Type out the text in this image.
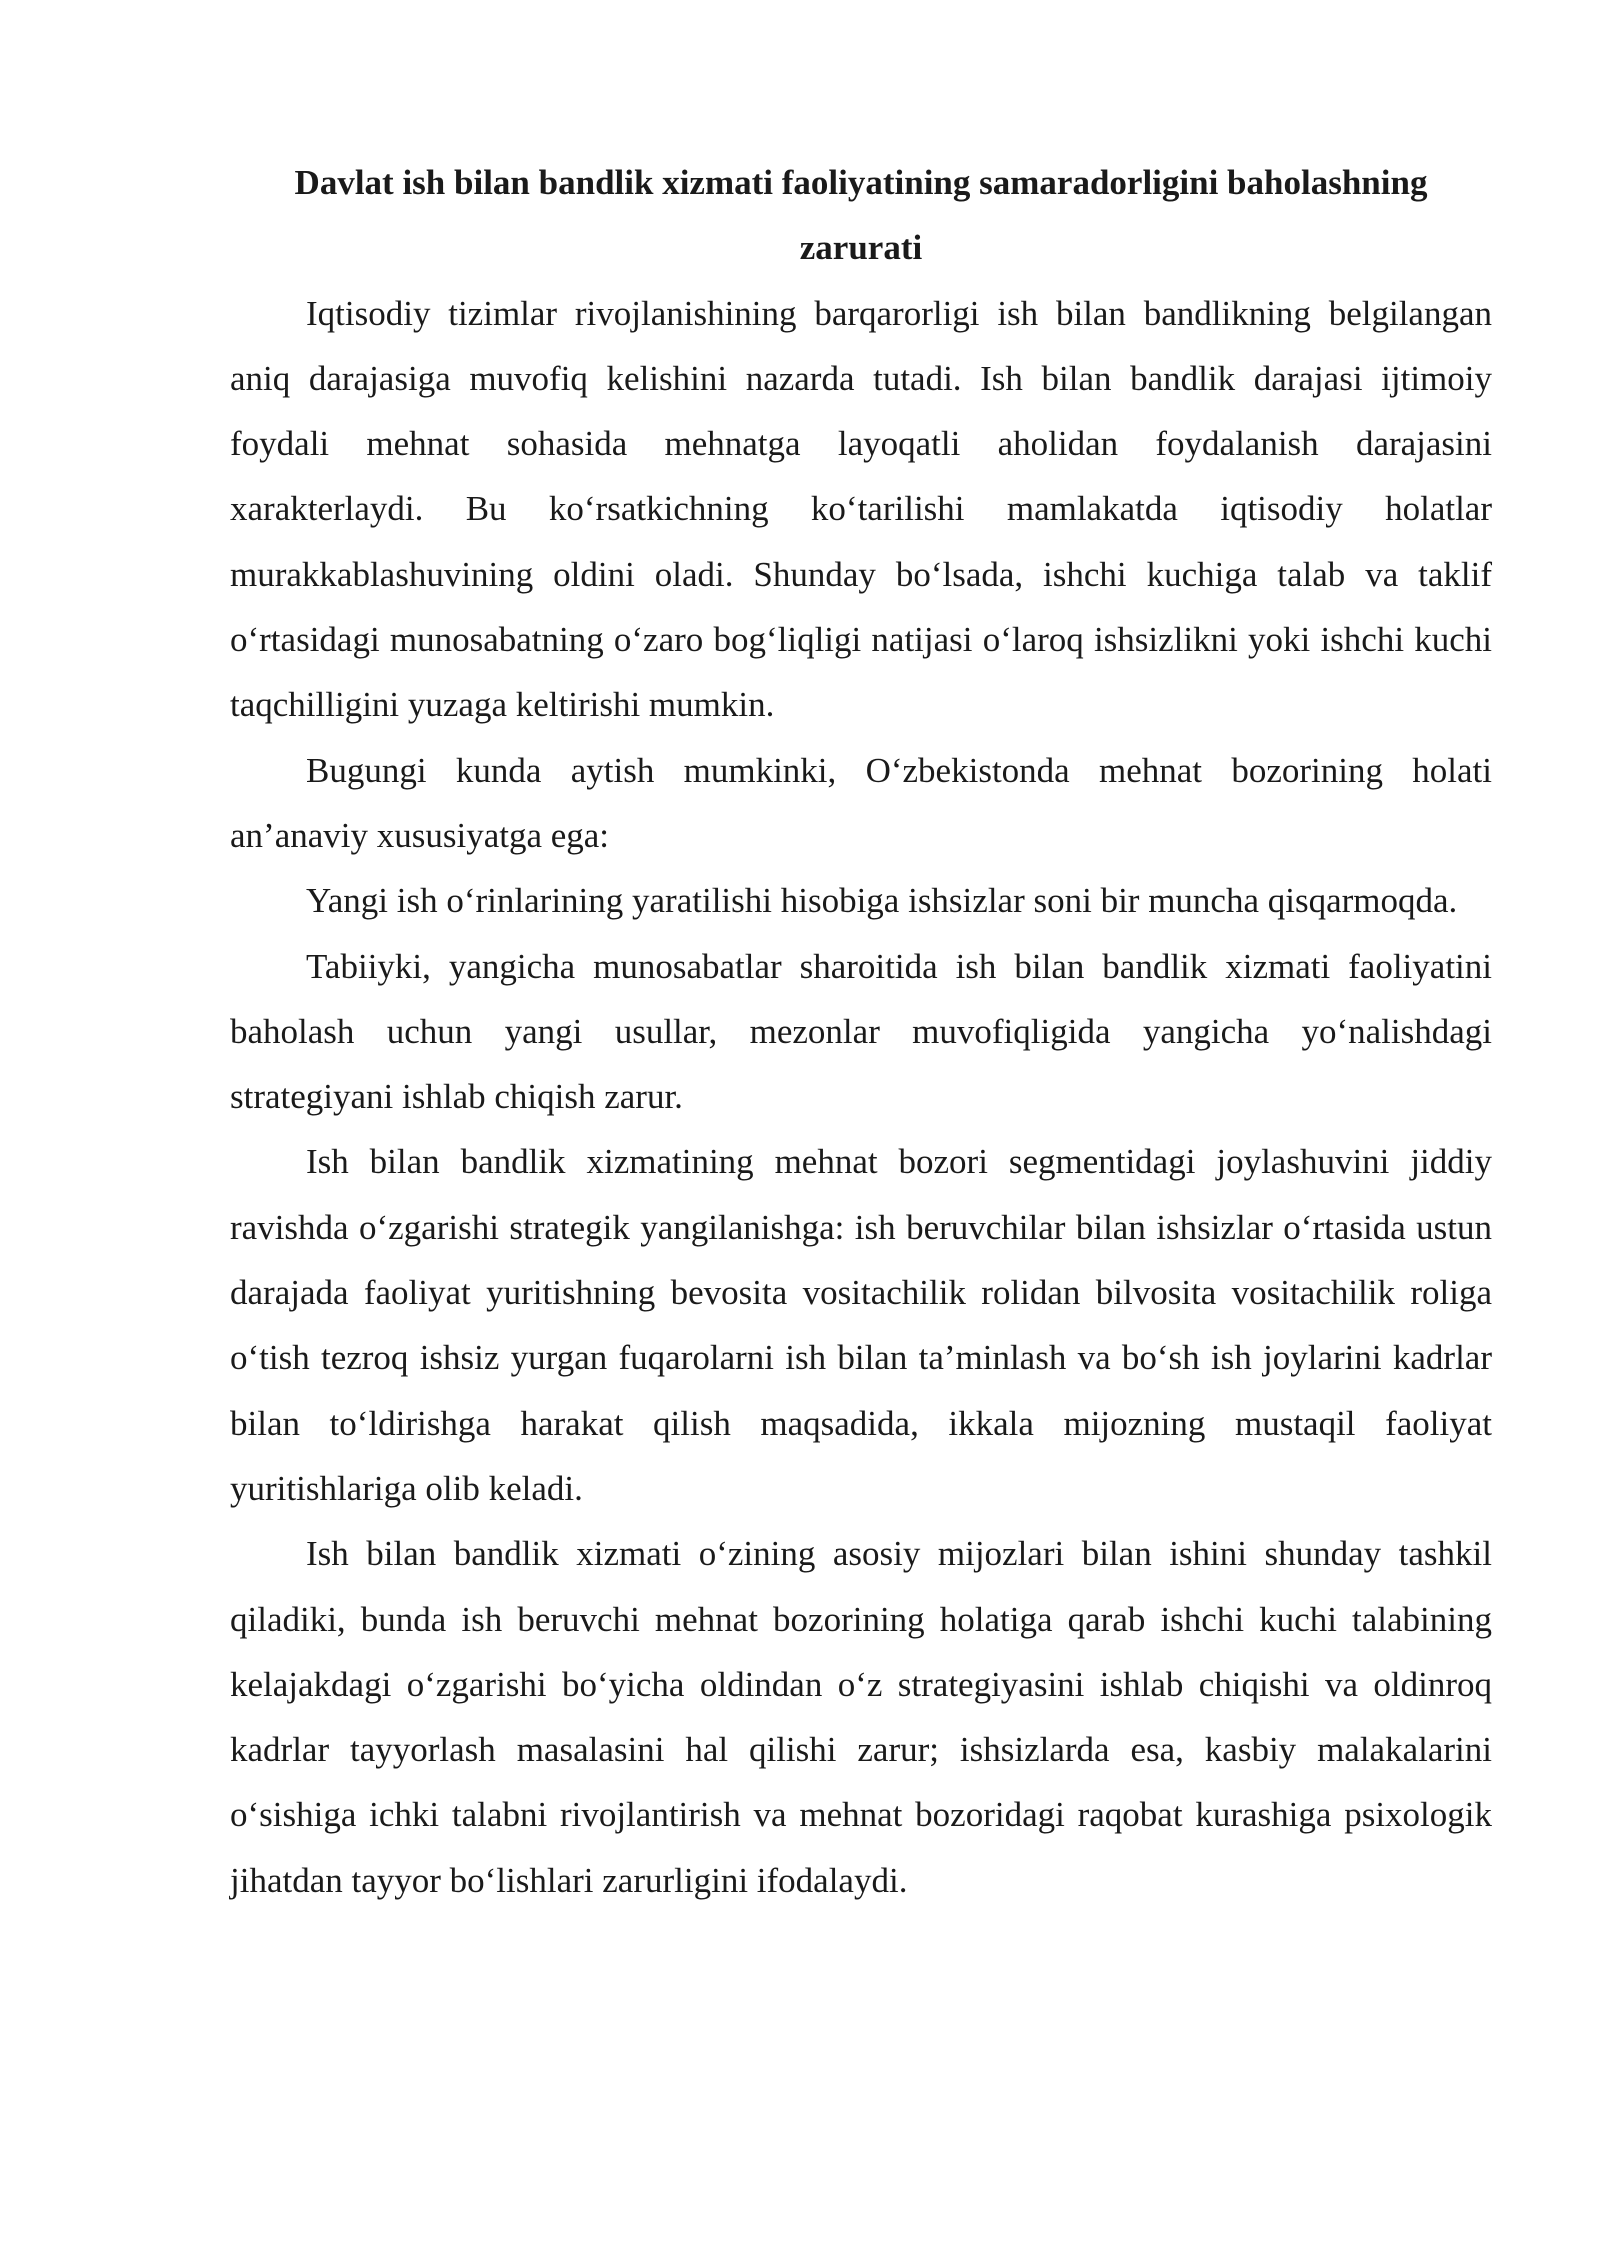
Davlat ish bilan bandlik xizmati faoliyatining samaradorligini baholashning zarurati

Iqtisodiy tizimlar rivojlanishining barqarorligi ish bilan bandlikning belgilangan aniq darajasiga muvofiq kelishini nazarda tutadi. Ish bilan bandlik darajasi ijtimoiy foydali mehnat sohasida mehnatga layoqatli aholidan foydalanish darajasini xarakterlaydi. Bu ko‘rsatkichning ko‘tarilishi mamlakatda iqtisodiy holatlar murakkablashuvining oldini oladi. Shunday bo‘lsada, ishchi kuchiga talab va taklif o‘rtasidagi munosabatning o‘zaro bog‘liqligi natijasi o‘laroq ishsizlikni yoki ishchi kuchi taqchilligini yuzaga keltirishi mumkin.

Bugungi kunda aytish mumkinki, O‘zbekistonda mehnat bozorining holati an’anaviy xususiyatga ega:

Yangi ish o‘rinlarining yaratilishi hisobiga ishsizlar soni bir muncha qisqarmoqda.

Tabiiyki, yangicha munosabatlar sharoitida ish bilan bandlik xizmati faoliyatini baholash uchun yangi usullar, mezonlar muvofiqligida yangicha yo‘nalishdagi strategiyani ishlab chiqish zarur.

Ish bilan bandlik xizmatining mehnat bozori segmentidagi joylashuvini jiddiy ravishda o‘zgarishi strategik yangilanishga: ish beruvchilar bilan ishsizlar o‘rtasida ustun darajada faoliyat yuritishning bevosita vositachilik rolidan bilvosita vositachilik roliga o‘tish tezroq ishsiz yurgan fuqarolarni ish bilan ta’minlash va bo‘sh ish joylarini kadrlar bilan to‘ldirishga harakat qilish maqsadida, ikkala mijozning mustaqil faoliyat yuritishlariga olib keladi.

Ish bilan bandlik xizmati o‘zining asosiy mijozlari bilan ishini shunday tashkil qiladiki, bunda ish beruvchi mehnat bozorining holatiga qarab ishchi kuchi talabining kelajakdagi o‘zgarishi bo‘yicha oldindan o‘z strategiyasini ishlab chiqishi va oldinroq kadrlar tayyorlash masalasini hal qilishi zarur; ishsizlarda esa, kasbiy malakalarini o‘sishiga ichki talabni rivojlantirish va mehnat bozoridagi raqobat kurashiga psixologik jihatdan tayyor bo‘lishlari zarurligini ifodalaydi.
